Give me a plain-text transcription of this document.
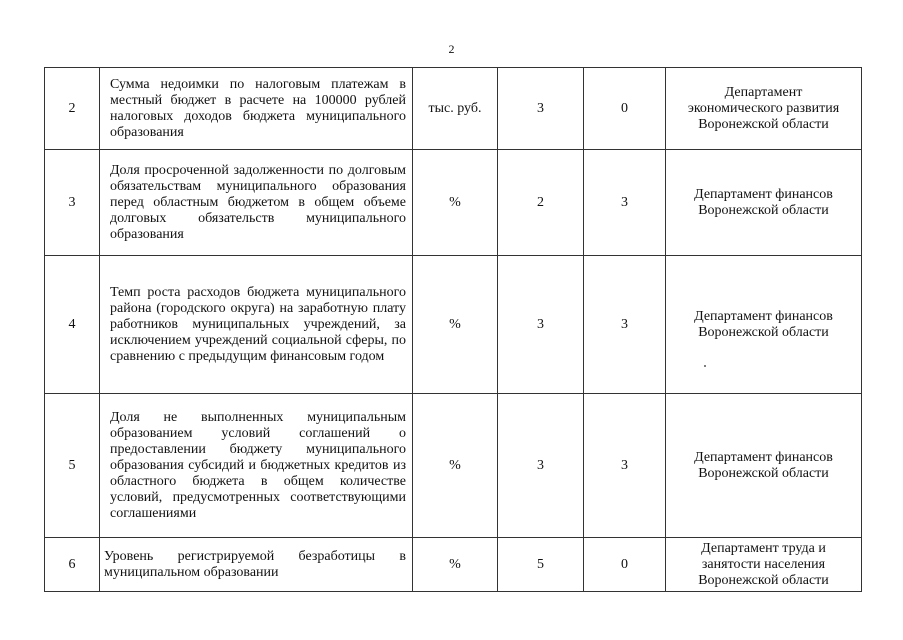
2
2	Сумма недоимки по налоговым платежам в местный бюджет в расчете на 100000 рублей налоговых доходов бюджета муниципального образования	тыс. руб.	3	0	Департамент экономического развития Воронежской области
3	Доля просроченной задолженности по долговым обязательствам муниципального образования перед областным бюджетом в общем объеме долговых обязательств муниципального образования	%	2	3	Департамент финансов Воронежской области
4	Темп роста расходов бюджета муниципального района (городского округа) на заработную плату работников муниципальных учреждений, за исключением учреждений социальной сферы, по сравнению с предыдущим финансовым годом	%	3	3	Департамент финансов Воронежской области
5	Доля не выполненных муниципальным образованием условий соглашений о предоставлении бюджету муниципального образования субсидий и бюджетных кредитов из областного бюджета в общем количестве условий, предусмотренных соответствующими соглашениями	%	3	3	Департамент финансов Воронежской области
6	Уровень регистрируемой безработицы в муниципальном образовании	%	5	0	Департамент труда и занятости населения Воронежской области
